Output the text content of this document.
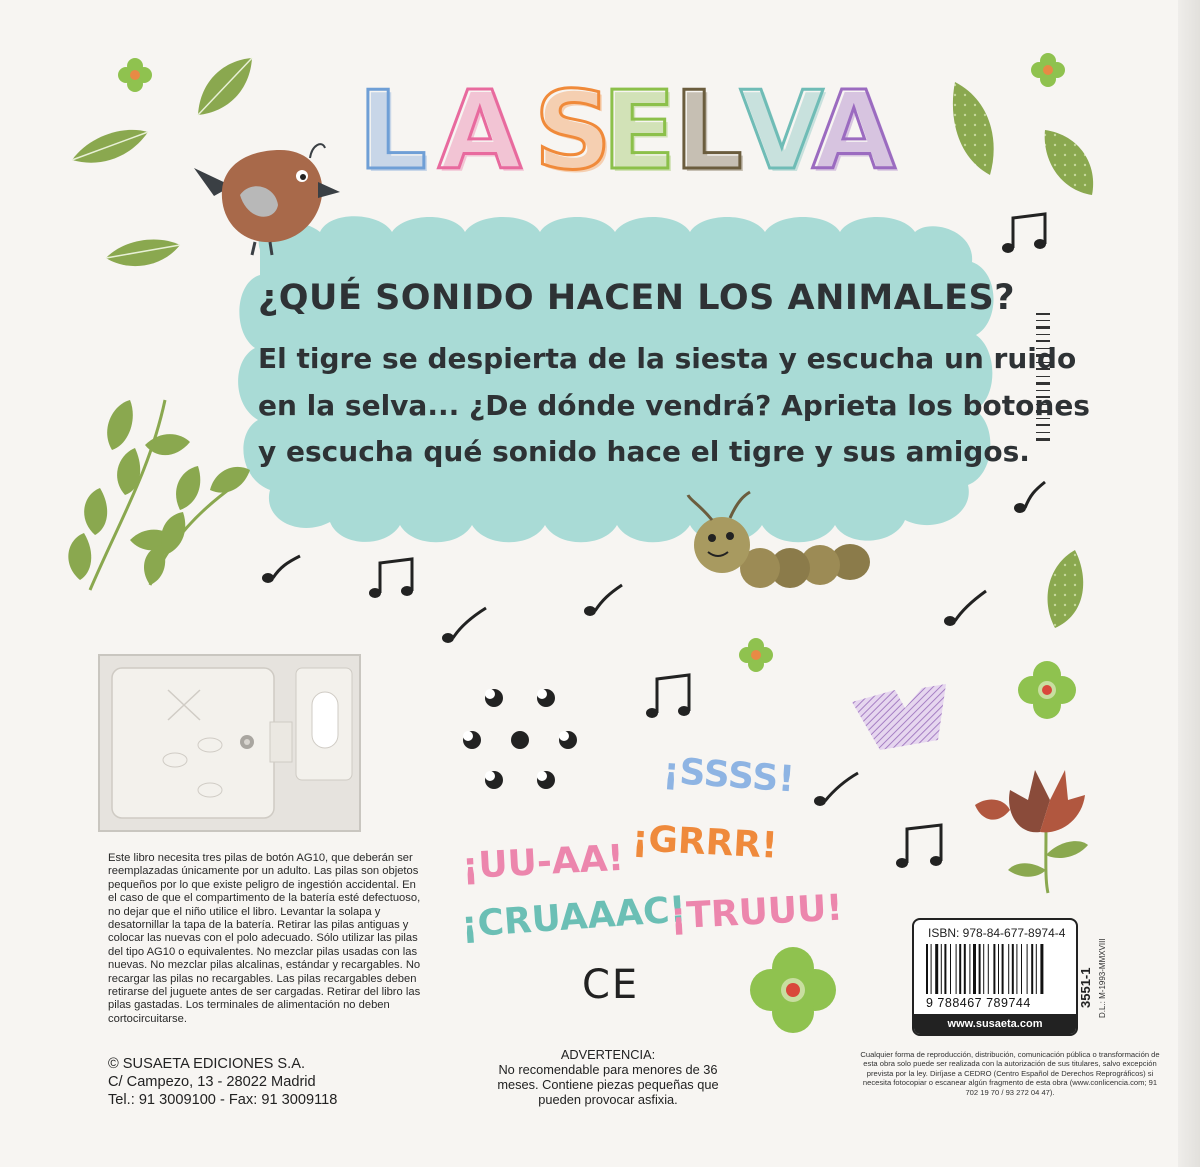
L A S
E
L
V
A
¿QUÉ SONIDO HACEN LOS ANIMALES?
El tigre se despierta de la siesta y escucha un ruido
en la selva... ¿De dónde vendrá? Aprieta los botones
y escucha qué sonido hace el tigre y sus amigos.
¡SSSS!
¡GRRR!
¡UU-AA!
¡CRUAAAC!
¡TRUUU!
CE
Este libro necesita tres pilas de botón AG10, que deberán ser reemplazadas únicamente por un adulto. Las pilas son objetos pequeños por lo que existe peligro de ingestión accidental. En el caso de que el compartimento de la batería esté defectuoso, no dejar que el niño utilice el libro. Levantar la solapa y desatornillar la tapa de la batería. Retirar las pilas antiguas y colocar las nuevas con el polo adecuado. Sólo utilizar las pilas del tipo AG10 o equivalentes. No mezclar pilas usadas con las nuevas. No mezclar pilas alcalinas, estándar y recargables. No recargar las pilas no recargables. Las pilas recargables deben retirarse del juguete antes de ser cargadas. Retirar del libro las pilas gastadas. Los terminales de alimentación no deben cortocircuitarse.
© SUSAETA EDICIONES S.A.
C/ Campezo, 13 - 28022 Madrid
Tel.: 91 3009100 - Fax: 91 3009118
ADVERTENCIA:
No recomendable para menores de 36 meses. Contiene piezas pequeñas que pueden provocar asfixia.
Cualquier forma de reproducción, distribución, comunicación pública o transformación de esta obra solo puede ser realizada con la autorización de sus titulares, salvo excepción prevista por la ley. Diríjase a CEDRO (Centro Español de Derechos Reprográficos) si necesita fotocopiar o escanear algún fragmento de esta obra (www.conlicencia.com; 91 702 19 70 / 93 272 04 47).
ISBN: 978-84-677-8974-4
9 788467 789744
www.susaeta.com
3551-1 D.L.: M-1993-MMXVIII
